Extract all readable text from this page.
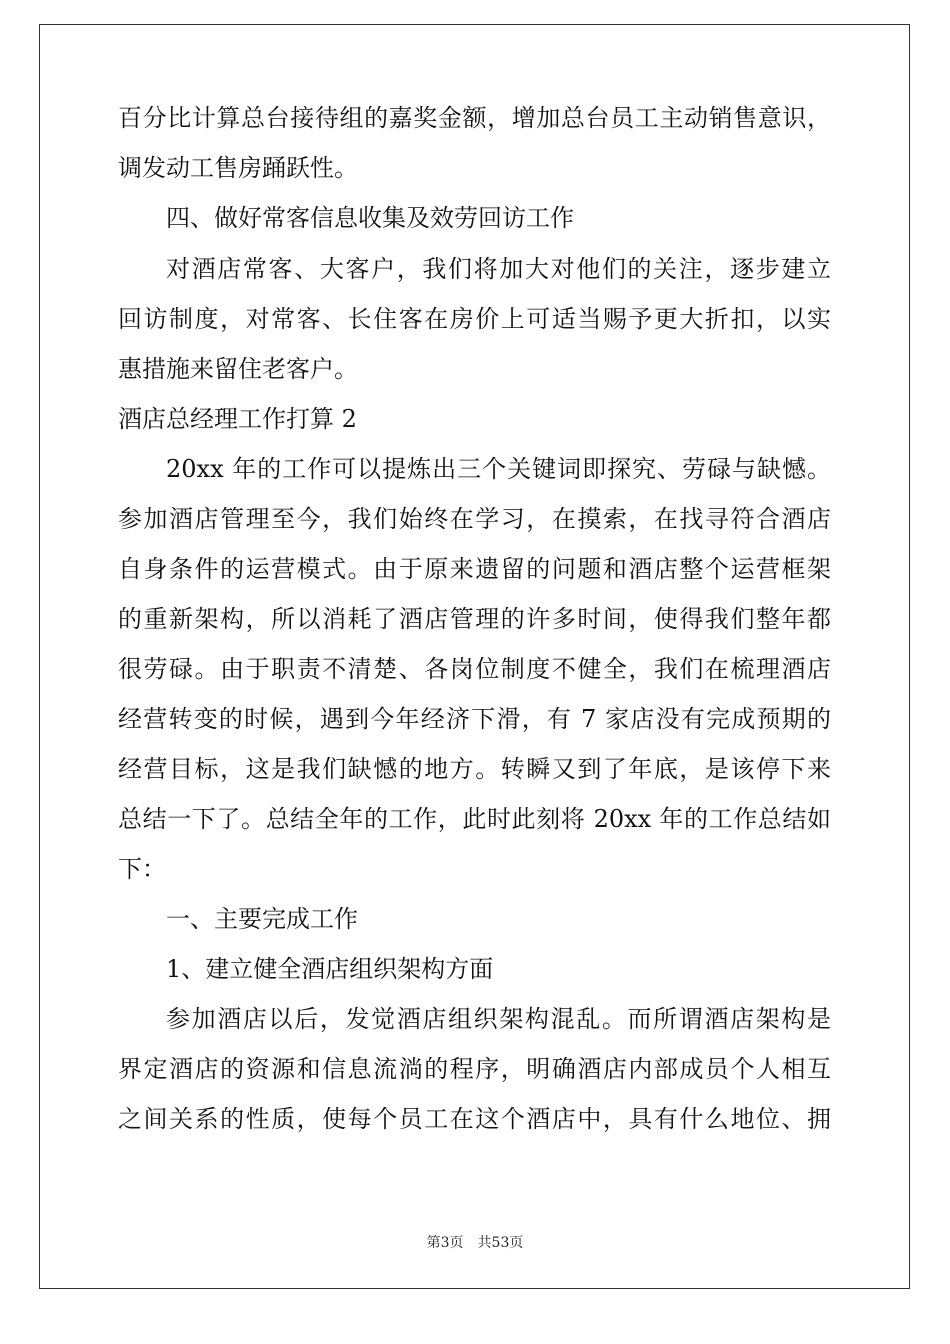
百分比计算总台接待组的嘉奖金额，增加总台员工主动销售意识，
调发动工售房踊跃性。
四、做好常客信息收集及效劳回访工作
对酒店常客、大客户，我们将加大对他们的关注，逐步建立
回访制度，对常客、长住客在房价上可适当赐予更大折扣，以实
惠措施来留住老客户。
酒店总经理工作打算 2
20xx 年的工作可以提炼出三个关键词即探究、劳碌与缺憾。
参加酒店管理至今，我们始终在学习，在摸索，在找寻符合酒店
自身条件的运营模式。由于原来遗留的问题和酒店整个运营框架
的重新架构，所以消耗了酒店管理的许多时间，使得我们整年都
很劳碌。由于职责不清楚、各岗位制度不健全，我们在梳理酒店
经营转变的时候，遇到今年经济下滑，有 7 家店没有完成预期的
经营目标，这是我们缺憾的地方。转瞬又到了年底，是该停下来
总结一下了。总结全年的工作，此时此刻将 20xx 年的工作总结如
下：
一、主要完成工作
1、建立健全酒店组织架构方面
参加酒店以后，发觉酒店组织架构混乱。而所谓酒店架构是
界定酒店的资源和信息流淌的程序，明确酒店内部成员个人相互
之间关系的性质，使每个员工在这个酒店中，具有什么地位、拥
第3页 共53页
